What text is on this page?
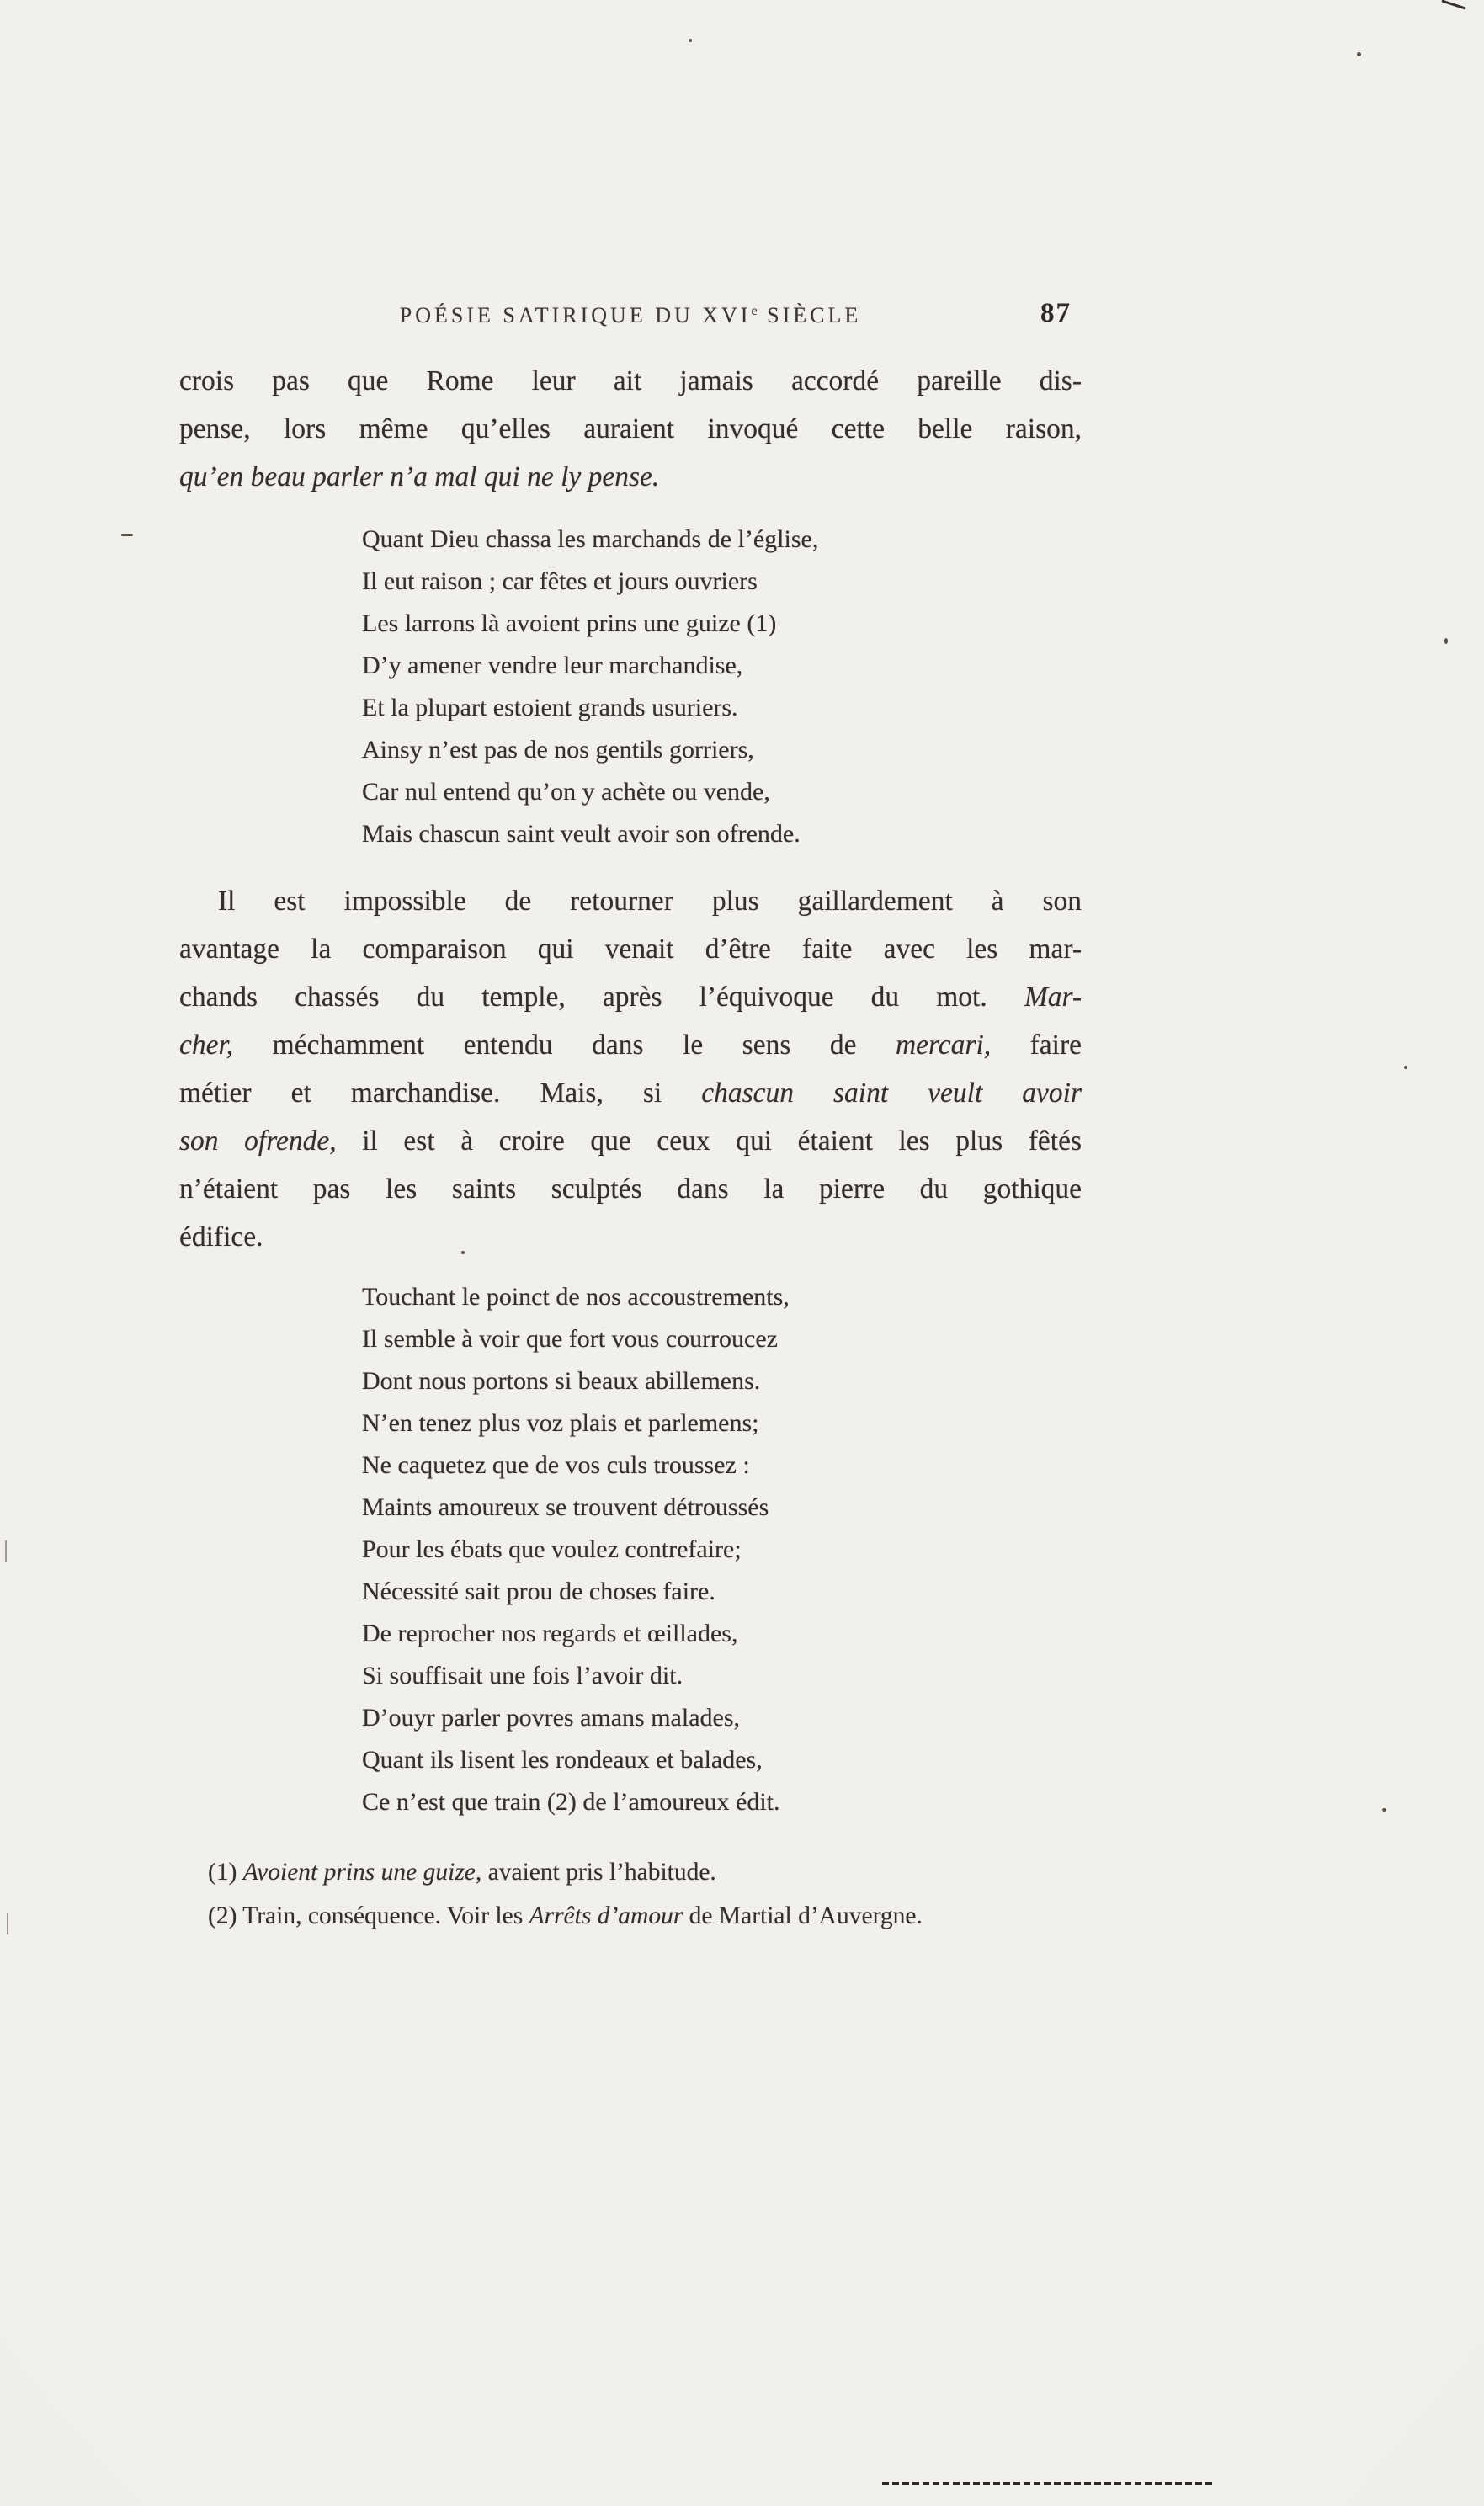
POÉSIE SATIRIQUE DU XVIe SIÈCLE	87
crois pas que Rome leur ait jamais accordé pareille dis-
pense, lors même qu’elles auraient invoqué cette belle raison,
qu’en beau parler n’a mal qui ne ly pense.
Quant Dieu chassa les marchands de l’église,
Il eut raison ; car fêtes et jours ouvriers
Les larrons là avoient prins une guize (1)
D’y amener vendre leur marchandise,
Et la plupart estoient grands usuriers.
Ainsy n’est pas de nos gentils gorriers,
Car nul entend qu’on y achète ou vende,
Mais chascun saint veult avoir son ofrende.
Il est impossible de retourner plus gaillardement à son
avantage la comparaison qui venait d’être faite avec les mar-
chands chassés du temple, après l’équivoque du mot. Mar-
cher, méchamment entendu dans le sens de mercari, faire
métier et marchandise. Mais, si chascun saint veult avoir
son ofrende, il est à croire que ceux qui étaient les plus fêtés
n’étaient pas les saints sculptés dans la pierre du gothique
édifice.
Touchant le poinct de nos accoustrements,
Il semble à voir que fort vous courroucez
Dont nous portons si beaux abillemens.
N’en tenez plus voz plais et parlemens;
Ne caquetez que de vos culs troussez :
Maints amoureux se trouvent détroussés
Pour les ébats que voulez contrefaire;
Nécessité sait prou de choses faire.
De reprocher nos regards et œillades,
Si souffisait une fois l’avoir dit.
D’ouyr parler povres amans malades,
Quant ils lisent les rondeaux et balades,
Ce n’est que train (2) de l’amoureux édit.
(1) Avoient prins une guize, avaient pris l’habitude.
(2) Train, conséquence. Voir les Arrêts d’amour de Martial d’Auvergne.
